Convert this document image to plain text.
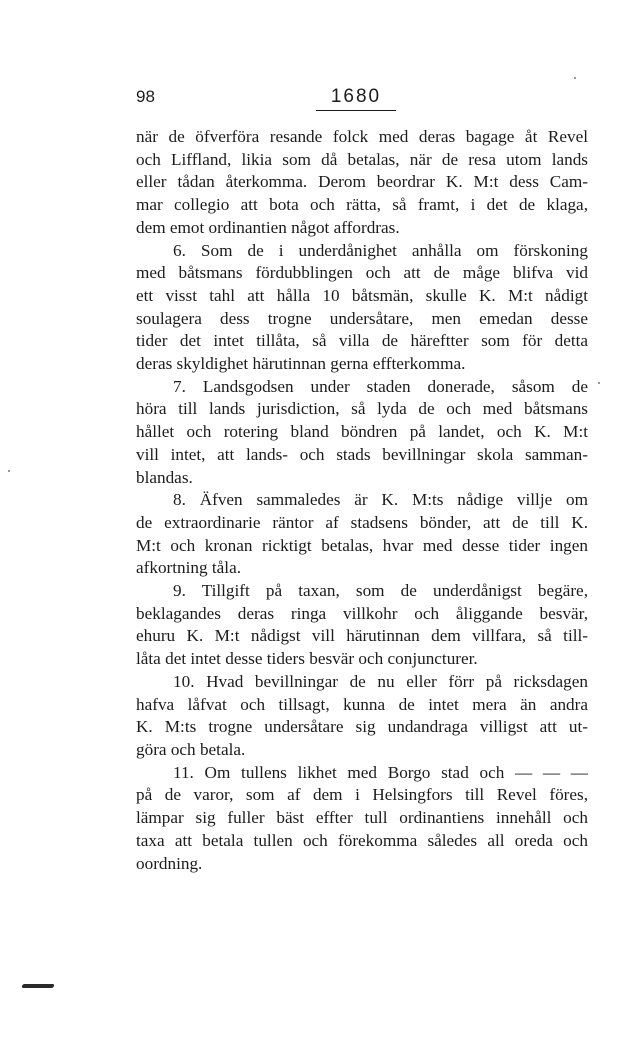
98	1680
när de öfverföra resande folck med deras bagage åt Revel
och Liffland, likia som då betalas, när de resa utom lands
eller tådan återkomma. Derom beordrar K. M:t dess Cam-
mar collegio att bota och rätta, så framt, i det de klaga,
dem emot ordinantien något affordras.
6. Som de i underdånighet anhålla om förskoning
med båtsmans fördubblingen och att de måge blifva vid
ett visst tahl att hålla 10 båtsmän, skulle K. M:t nådigt
soulagera dess trogne undersåtare, men emedan desse
tider det intet tillåta, så villa de häreftter som för detta
deras skyldighet härutinnan gerna effterkomma.
7. Landsgodsen under staden donerade, såsom de
höra till lands jurisdiction, så lyda de och med båtsmans
hållet och rotering bland böndren på landet, och K. M:t
vill intet, att lands- och stads bevillningar skola samman-
blandas.
8. Äfven sammaledes är K. M:ts nådige villje om
de extraordinarie räntor af stadsens bönder, att de till K.
M:t och kronan ricktigt betalas, hvar med desse tider ingen
afkortning tåla.
9. Tillgift på taxan, som de underdånigst begäre,
beklagandes deras ringa villkohr och åliggande besvär,
ehuru K. M:t nådigst vill härutinnan dem villfara, så till-
låta det intet desse tiders besvär och conjuncturer.
10. Hvad bevillningar de nu eller förr på ricksdagen
hafva låfvat och tillsagt, kunna de intet mera än andra
K. M:ts trogne undersåtare sig undandraga villigst att ut-
göra och betala.
11. Om tullens likhet med Borgo stad och — — —
på de varor, som af dem i Helsingfors till Revel föres,
lämpar sig fuller bäst effter tull ordinantiens innehåll och
taxa att betala tullen och förekomma således all oreda och
oordning.
